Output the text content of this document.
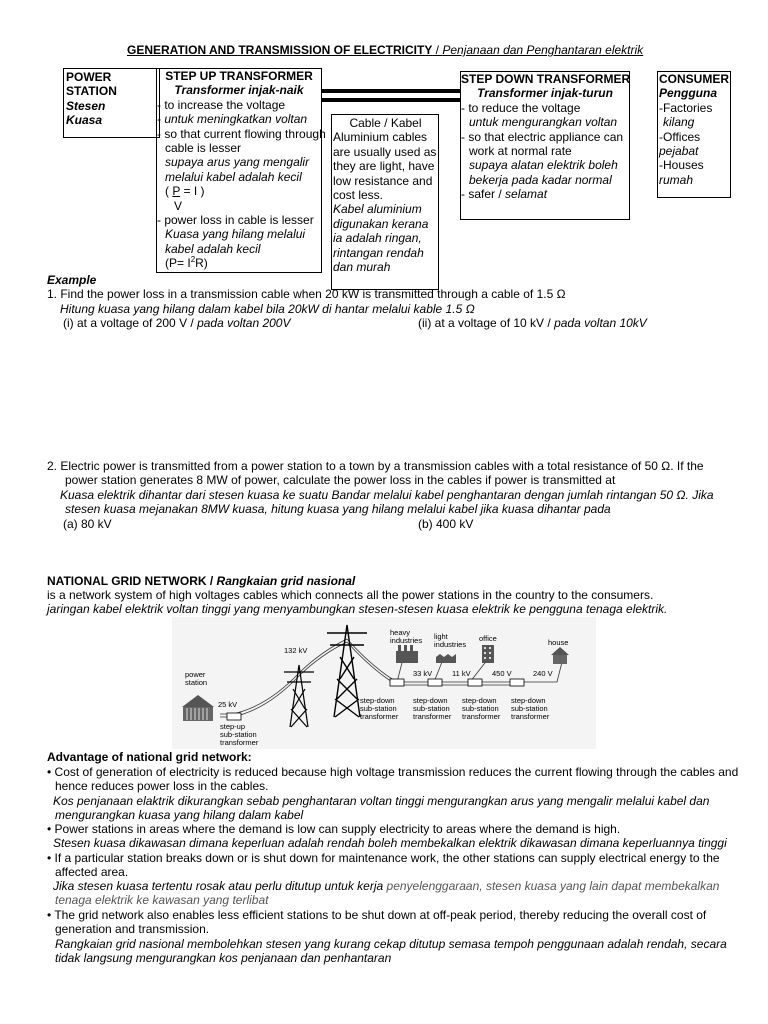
GENERATION AND TRANSMISSION OF ELECTRICITY / Penjanaan dan Penghantaran elektrik
POWER
STATION
Stesen
Kuasa
STEP UP TRANSFORMER
Transformer injak-naik
- to increase the voltage
- untuk meningkatkan voltan
- so that current flowing through
cable is lesser
supaya arus yang mengalir
melalui kabel adalah kecil
( P = I )
V
- power loss in cable is lesser
Kuasa yang hilang melalui
kabel adalah kecil
$(P= I^2R)$
Cable / Kabel
Aluminium cables
are usually used as
they are light, have
low resistance and
cost less.
Kabel aluminium
digunakan kerana
ia adalah ringan,
rintangan rendah
dan murah
STEP DOWN TRANSFORMER
Transformer injak-turun
- to reduce the voltage
untuk mengurangkan voltan
- so that electric appliance can
work at normal rate
supaya alatan elektrik boleh
bekerja pada kadar normal
- safer / selamat
CONSUMER
Pengguna
-Factories
kilang
-Offices
pejabat
-Houses
rumah
Example
1. Find the power loss in a transmission cable when 20 kW is transmitted through a cable of 1.5 Ω
Hitung kuasa yang hilang dalam kabel bila 20kW di hantar melalui kable 1.5 Ω
(i) at a voltage of 200 V / pada voltan 200V	(ii) at a voltage of 10 kV / pada voltan 10kV
2. Electric power is transmitted from a power station to a town by a transmission cables with a total resistance of 50 Ω. If the
power station generates 8 MW of power, calculate the power loss in the cables if power is transmitted at
Kuasa elektrik dihantar dari stesen kuasa ke suatu Bandar melalui kabel penghantaran dengan jumlah rintangan 50 Ω. Jika
stesen kuasa mejanakan 8MW kuasa, hitung kuasa yang hilang melalui kabel jika kuasa dihantar pada
(a) 80 kV	(b) 400 kV
NATIONAL GRID NETWORK / Rangkaian grid nasional
is a network system of high voltages cables which connects all the power stations in the country to the consumers.
jaringan kabel elektrik voltan tinggi yang menyambungkan stesen-stesen kuasa elektrik ke pengguna tenaga elektrik.
power station
25 kV
step-up sub-station transformer
132 kV
heavy industries light industries
office	house
33 kV	11 kV	450 V	240 V
step-down sub-station transformer
step-down sub-station transformer
step-down sub-station transformer
step-down sub-station transformer
Advantage of national grid network:
• Cost of generation of electricity is reduced because high voltage transmission reduces the current flowing through the cables and
hence reduces power loss in the cables.
Kos penjanaan elaktrik dikurangkan sebab penghantaran voltan tinggi mengurangkan arus yang mengalir melalui kabel dan
mengurangkan kuasa yang hilang dalam kabel
• Power stations in areas where the demand is low can supply electricity to areas where the demand is high.
Stesen kuasa dikawasan dimana keperluan adalah rendah boleh membekalkan elektrik dikawasan dimana keperluannya tinggi
• If a particular station breaks down or is shut down for maintenance work, the other stations can supply electrical energy to the
affected area.
Jika stesen kuasa tertentu rosak atau perlu ditutup untuk kerja penyelenggaraan, stesen kuasa yang lain dapat membekalkan
tenaga elektrik ke kawasan yang terlibat
• The grid network also enables less efficient stations to be shut down at off-peak period, thereby reducing the overall cost of
generation and transmission.
Rangkaian grid nasional membolehkan stesen yang kurang cekap ditutup semasa tempoh penggunaan adalah rendah, secara
tidak langsung mengurangkan kos penjanaan dan penhantaran
